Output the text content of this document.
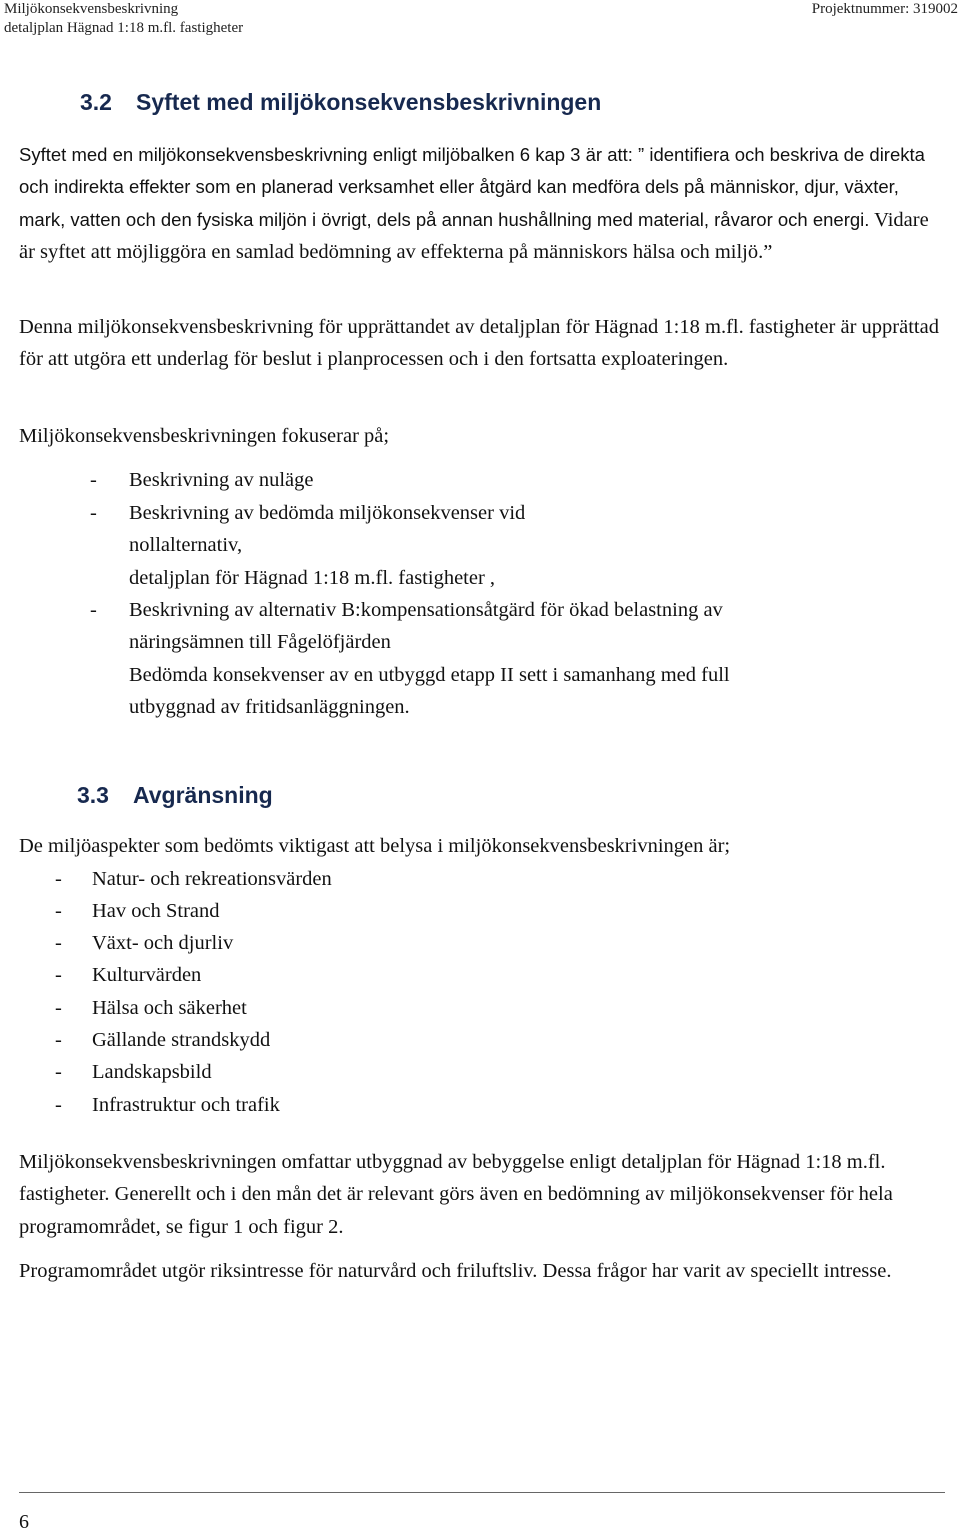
Miljökonsekvensbeskrivning
detaljplan Hägnad 1:18 m.fl. fastigheter
Projektnummer: 319002
3.2 Syftet med miljökonsekvensbeskrivningen

Syftet med en miljökonsekvensbeskrivning enligt miljöbalken 6 kap 3 är att: ” identifiera och beskriva de direkta och indirekta effekter som en planerad verksamhet eller åtgärd kan medföra dels på människor, djur, växter, mark, vatten och den fysiska miljön i övrigt, dels på annan hushållning med material, råvaror och energi. Vidare är syftet att möjliggöra en samlad bedömning av effekterna på människors hälsa och miljö.”

Denna miljökonsekvensbeskrivning för upprättandet av detaljplan för Hägnad 1:18 m.fl. fastigheter är upprättad för att utgöra ett underlag för beslut i planprocessen och i den fortsatta exploateringen.

Miljökonsekvensbeskrivningen fokuserar på;

-	Beskrivning av nuläge
-	Beskrivning av bedömda miljökonsekvenser vid
nollalternativ,
detaljplan för Hägnad 1:18 m.fl. fastigheter ,
-	Beskrivning av alternativ B:kompensationsåtgärd för ökad belastning av
näringsämnen till Fågelöfjärden
Bedömda konsekvenser av en utbyggd etapp II sett i samanhang med full
utbyggnad av fritidsanläggningen.
3.3 Avgränsning

De miljöaspekter som bedömts viktigast att belysa i miljökonsekvensbeskrivningen är;

-	Natur- och rekreationsvärden
-	Hav och Strand
-	Växt- och djurliv
-	Kulturvärden
-	Hälsa och säkerhet
-	Gällande strandskydd
-	Landskapsbild
-	Infrastruktur och trafik

Miljökonsekvensbeskrivningen omfattar utbyggnad av bebyggelse enligt detaljplan för Hägnad 1:18 m.fl. fastigheter. Generellt och i den mån det är relevant görs även en bedömning av miljökonsekvenser för hela programområdet, se figur 1 och figur 2.

Programområdet utgör riksintresse för naturvård och friluftsliv. Dessa frågor har varit av speciellt intresse.

6
